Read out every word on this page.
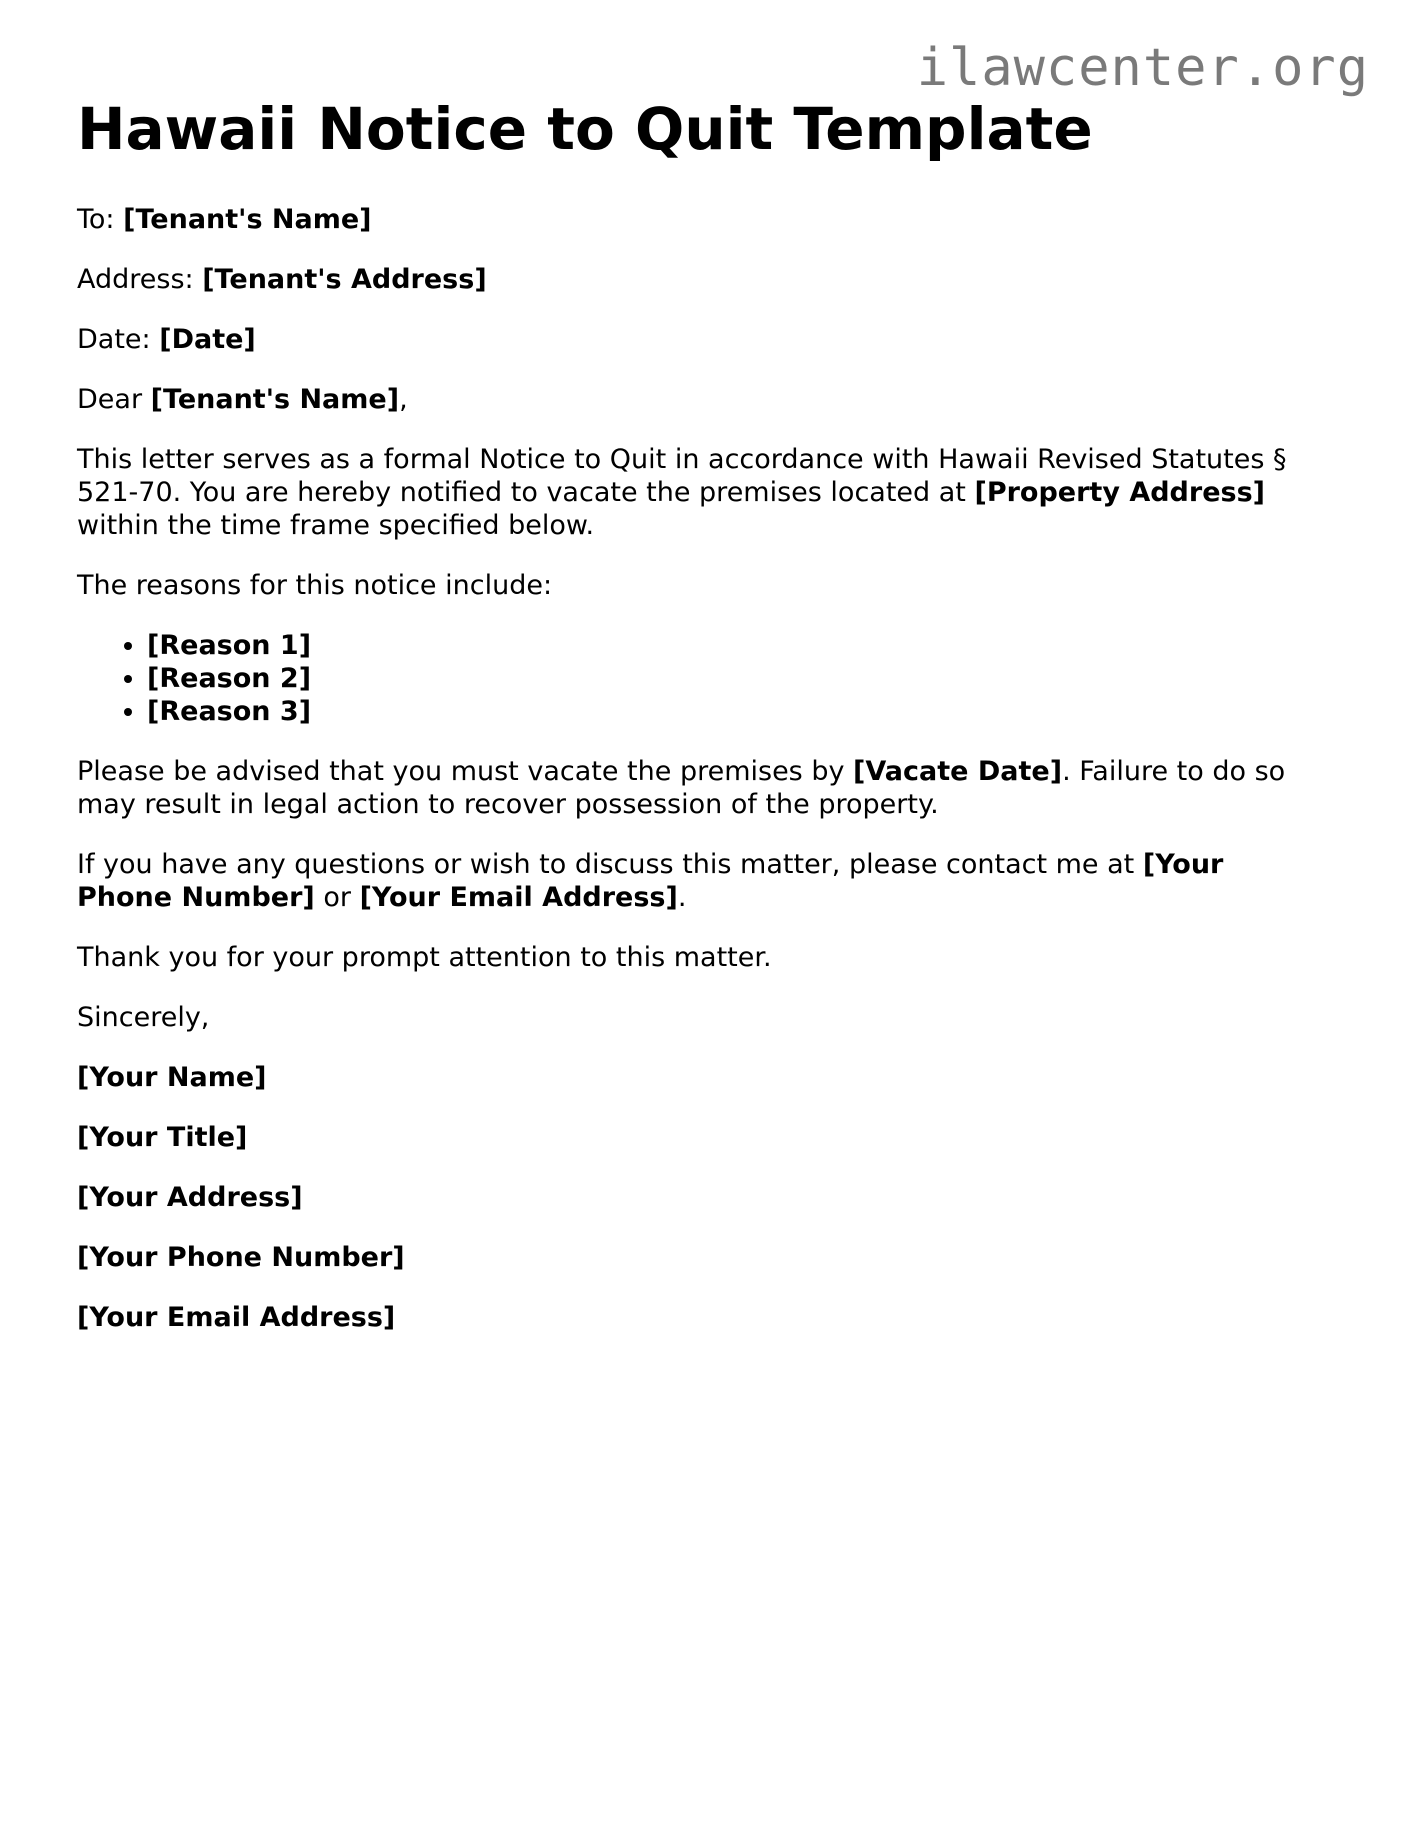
ilawcenter.org
Hawaii Notice to Quit Template

To: [Tenant's Name]

Address: [Tenant's Address]

Date: [Date]

Dear [Tenant's Name],

This letter serves as a formal Notice to Quit in accordance with Hawaii Revised Statutes § 521-70. You are hereby notified to vacate the premises located at [Property Address] within the time frame specified below.

The reasons for this notice include:

• [Reason 1]
• [Reason 2]
• [Reason 3]

Please be advised that you must vacate the premises by [Vacate Date]. Failure to do so may result in legal action to recover possession of the property.

If you have any questions or wish to discuss this matter, please contact me at [Your Phone Number] or [Your Email Address].

Thank you for your prompt attention to this matter.

Sincerely,

[Your Name]

[Your Title]

[Your Address]

[Your Phone Number]

[Your Email Address]
